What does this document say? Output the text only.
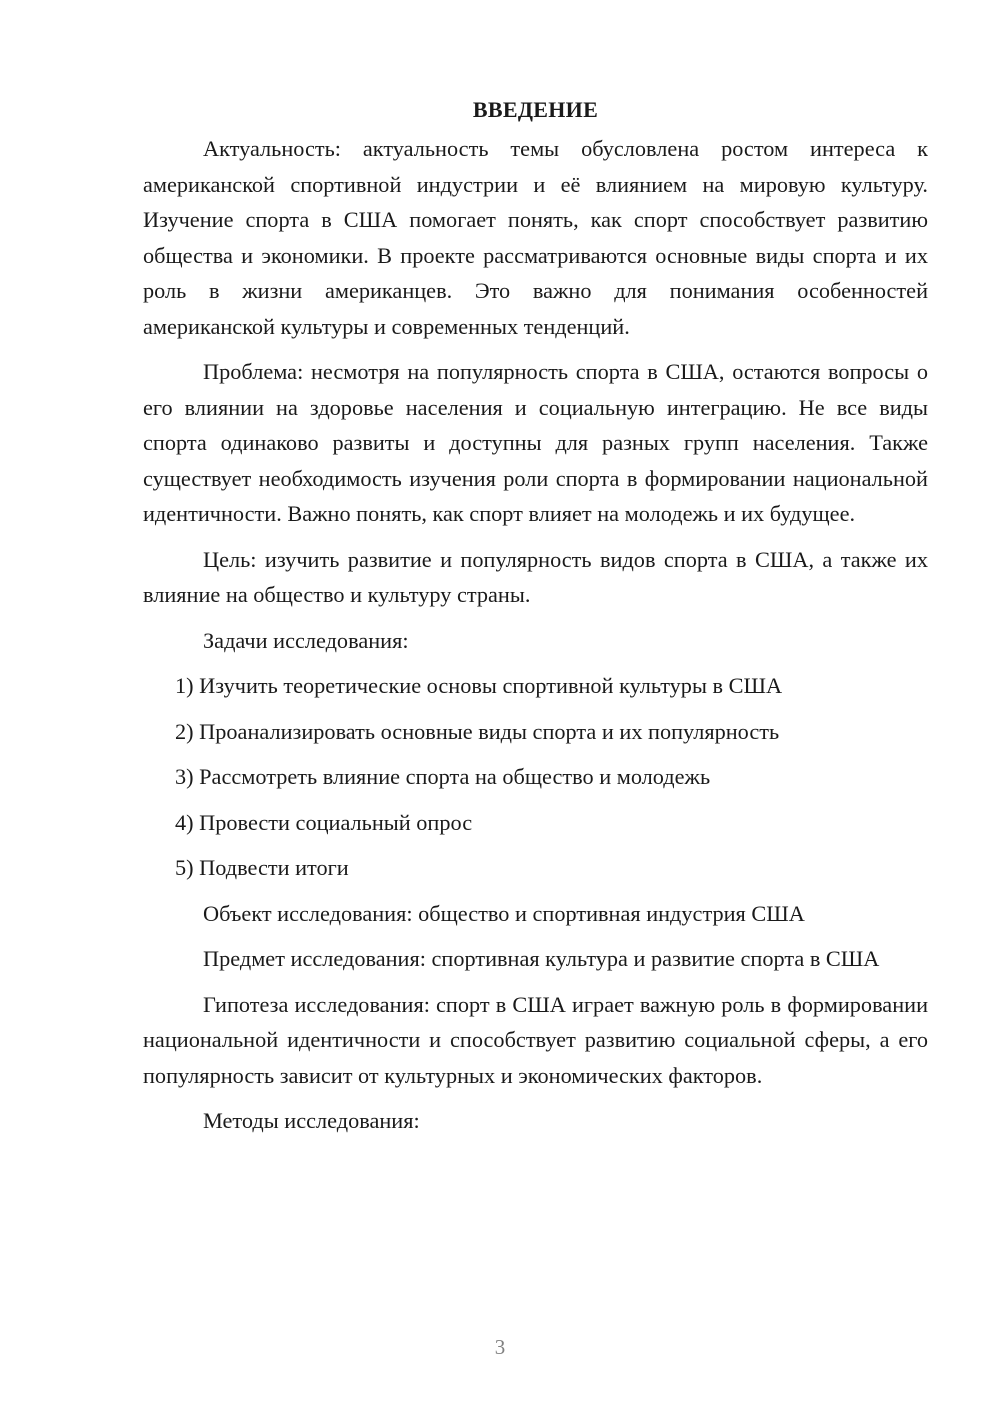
ВВЕДЕНИЕ

Актуальность: актуальность темы обусловлена ростом интереса к американской спортивной индустрии и её влиянием на мировую культуру. Изучение спорта в США помогает понять, как спорт способствует развитию общества и экономики. В проекте рассматриваются основные виды спорта и их роль в жизни американцев. Это важно для понимания особенностей американской культуры и современных тенденций.

Проблема: несмотря на популярность спорта в США, остаются вопросы о его влиянии на здоровье населения и социальную интеграцию. Не все виды спорта одинаково развиты и доступны для разных групп населения. Также существует необходимость изучения роли спорта в формировании национальной идентичности. Важно понять, как спорт влияет на молодежь и их будущее.

Цель: изучить развитие и популярность видов спорта в США, а также их влияние на общество и культуру страны.

Задачи исследования:

1) Изучить теоретические основы спортивной культуры в США
2) Проанализировать основные виды спорта и их популярность
3) Рассмотреть влияние спорта на общество и молодежь
4) Провести социальный опрос
5) Подвести итоги

Объект исследования: общество и спортивная индустрия США

Предмет исследования: спортивная культура и развитие спорта в США

Гипотеза исследования: спорт в США играет важную роль в формировании национальной идентичности и способствует развитию социальной сферы, а его популярность зависит от культурных и экономических факторов.

Методы исследования:

3
